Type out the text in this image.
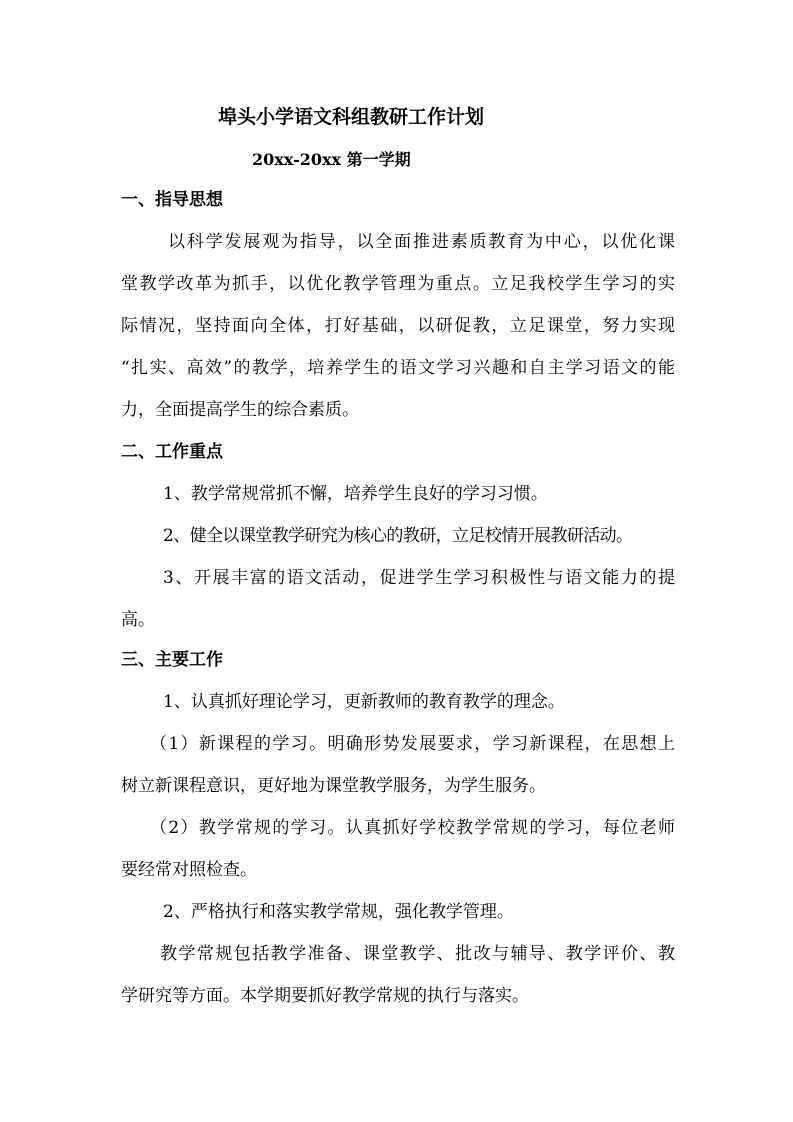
埠头小学语文科组教研工作计划
20xx-20xx 第一学期
一、指导思想

以科学发展观为指导，以全面推进素质教育为中心，以优化课

堂教学改革为抓手，以优化教学管理为重点。立足我校学生学习的实

际情况，坚持面向全体，打好基础，以研促教，立足课堂，努力实现

“扎实、高效”的教学，培养学生的语文学习兴趣和自主学习语文的能

力，全面提高学生的综合素质。

二、工作重点

1、教学常规常抓不懈，培养学生良好的学习习惯。

2、健全以课堂教学研究为核心的教研，立足校情开展教研活动。

3、开展丰富的语文活动，促进学生学习积极性与语文能力的提

高。

三、主要工作

1、认真抓好理论学习，更新教师的教育教学的理念。

（1）新课程的学习。明确形势发展要求，学习新课程，在思想上

树立新课程意识，更好地为课堂教学服务，为学生服务。

（2）教学常规的学习。认真抓好学校教学常规的学习，每位老师

要经常对照检查。

2、严格执行和落实教学常规，强化教学管理。

教学常规包括教学准备、课堂教学、批改与辅导、教学评价、教

学研究等方面。本学期要抓好教学常规的执行与落实。
